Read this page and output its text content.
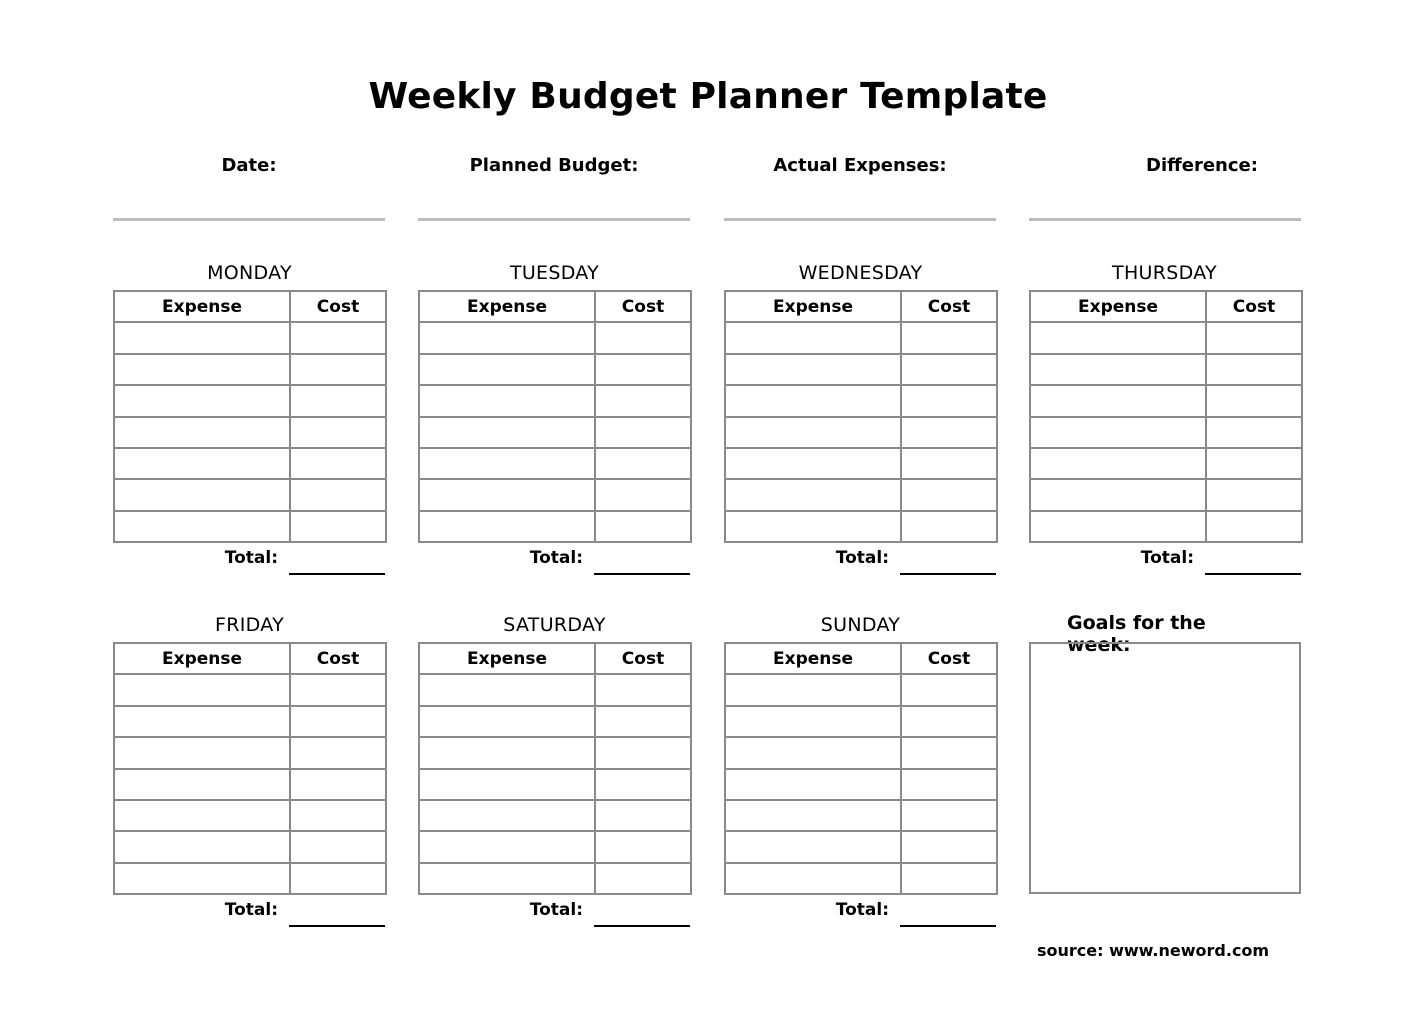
Weekly Budget Planner Template
Date:	Planned Budget:	Actual Expenses:	Difference:
MONDAY
Expense	Cost

Total:
TUESDAY
Expense	Cost

Total:
WEDNESDAY
Expense	Cost

Total:
THURSDAY
Expense	Cost

Total:
FRIDAY
Expense	Cost

Total:
SATURDAY
Expense	Cost

Total:
SUNDAY
Expense	Cost

Total:
Goals for the week:
source: www.neword.com
